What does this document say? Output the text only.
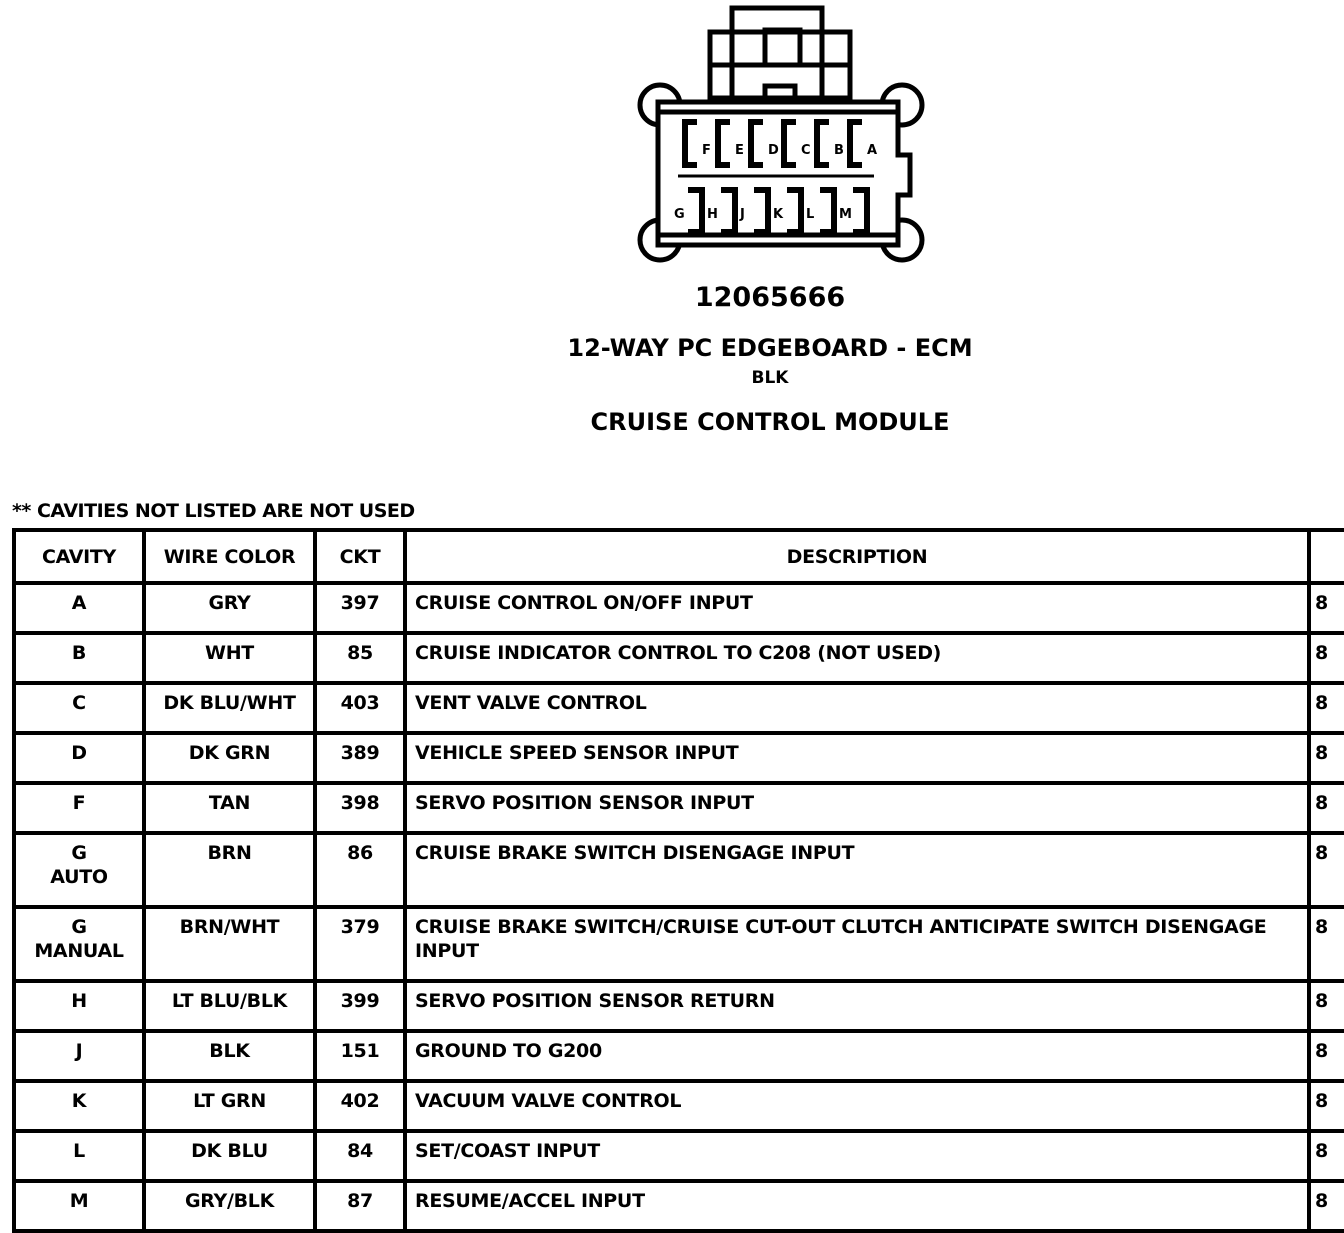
F E D C B A
G H J K L M
12065666
12-WAY PC EDGEBOARD - ECM
BLK
CRUISE CONTROL MODULE
** CAVITIES NOT LISTED ARE NOT USED
CAVITY	WIRE COLOR	CKT	DESCRIPTION	
A	GRY	397	CRUISE CONTROL ON/OFF INPUT	8
B	WHT	85	CRUISE INDICATOR CONTROL TO C208 (NOT USED)	8
C	DK BLU/WHT	403	VENT VALVE CONTROL	8
D	DK GRN	389	VEHICLE SPEED SENSOR INPUT	8
F	TAN	398	SERVO POSITION SENSOR INPUT	8
G
AUTO	BRN	86	CRUISE BRAKE SWITCH DISENGAGE INPUT	8
G
MANUAL	BRN/WHT	379	CRUISE BRAKE SWITCH/CRUISE CUT-OUT CLUTCH ANTICIPATE SWITCH DISENGAGE INPUT	8
H	LT BLU/BLK	399	SERVO POSITION SENSOR RETURN	8
J	BLK	151	GROUND TO G200	8
K	LT GRN	402	VACUUM VALVE CONTROL	8
L	DK BLU	84	SET/COAST INPUT	8
M	GRY/BLK	87	RESUME/ACCEL INPUT	8
